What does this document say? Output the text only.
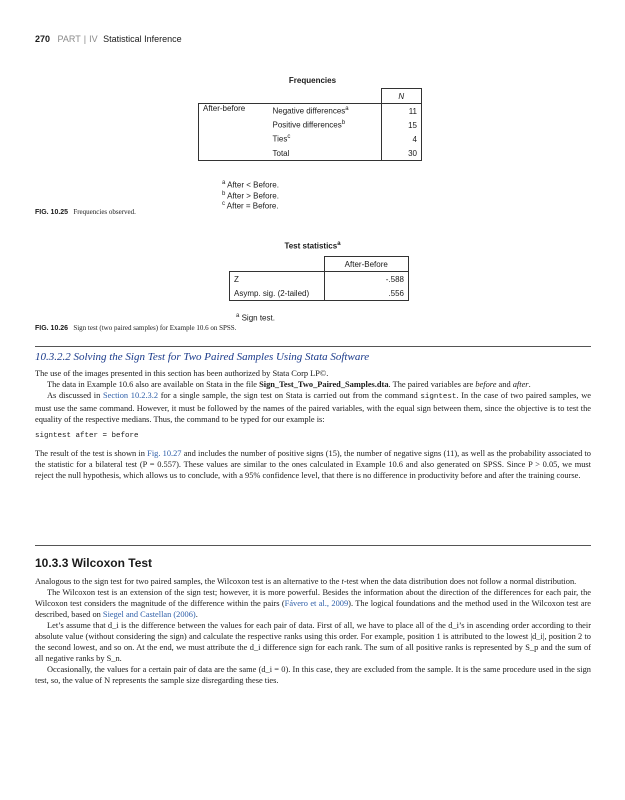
270 PART | IV Statistical Inference
Frequencies
		N
After-before	Negative differences$^a$	11
	Positive differences$^b$	15
	Ties$^c$	4
	Total	30
$^a$ After < Before.
$^b$ After > Before.
$^c$ After = Before.
FIG. 10.25 Frequencies observed.
Test statistics$^a$
	After-Before
Z	-.588
Asymp. sig. (2-tailed)	.556
$^a$ Sign test.
FIG. 10.26 Sign test (two paired samples) for Example 10.6 on SPSS.
10.3.2.2 Solving the Sign Test for Two Paired Samples Using Stata Software

The use of the images presented in this section has been authorized by Stata Corp LP©.

The data in Example 10.6 also are available on Stata in the file Sign_Test_Two_Paired_Samples.dta. The paired variables are before and after.

As discussed in Section 10.2.3.2 for a single sample, the sign test on Stata is carried out from the command signtest. In the case of two paired samples, we must use the same command. However, it must be followed by the names of the paired variables, with the equal sign between them, since the objective is to test the equality of the respective medians. Thus, the command to be typed for our example is:

signtest after = before

The result of the test is shown in Fig. 10.27 and includes the number of positive signs (15), the number of negative signs (11), as well as the probability associated to the statistic for a bilateral test (P = 0.557). These values are similar to the ones calculated in Example 10.6 and also generated on SPSS. Since P > 0.05, we must reject the null hypothesis, which allows us to conclude, with a 95% confidence level, that there is no difference in productivity before and after the training course.

10.3.3 Wilcoxon Test

Analogous to the sign test for two paired samples, the Wilcoxon test is an alternative to the t-test when the data distribution does not follow a normal distribution.

The Wilcoxon test is an extension of the sign test; however, it is more powerful. Besides the information about the direction of the differences for each pair, the Wilcoxon test considers the magnitude of the difference within the pairs (Fávero et al., 2009). The logical foundations and the method used in the Wilcoxon test are described, based on Siegel and Castellan (2006).

Let’s assume that d_i is the difference between the values for each pair of data. First of all, we have to place all of the d_i’s in ascending order according to their absolute value (without considering the sign) and calculate the respective ranks using this order. For example, position 1 is attributed to the lowest |d_i|, position 2 to the second lowest, and so on. At the end, we must attribute the d_i difference sign for each rank. The sum of all positive ranks is represented by S_p and the sum of all negative ranks by S_n.

Occasionally, the values for a certain pair of data are the same (d_i = 0). In this case, they are excluded from the sample. It is the same procedure used in the sign test, so, the value of N represents the sample size disregarding these ties.
